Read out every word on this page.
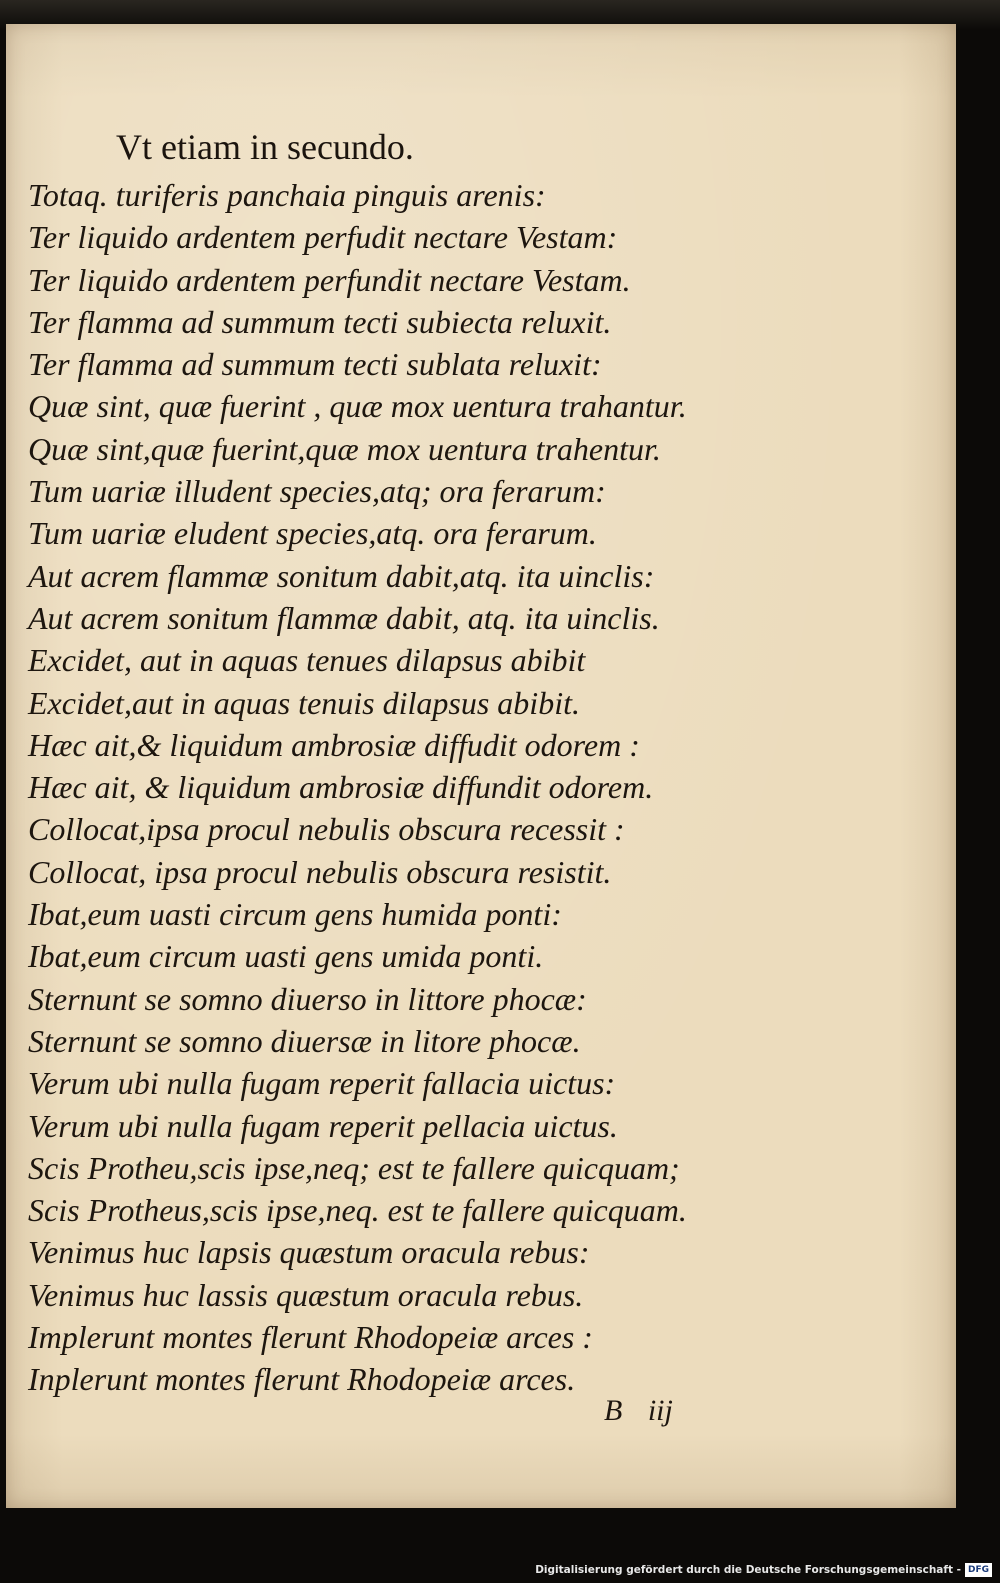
Vt etiam in secundo.
Totaq. turiferis panchaia pinguis arenis:
Ter liquido ardentem perfudit nectare Vestam:
Ter liquido ardentem perfundit nectare Vestam.
Ter flamma ad summum tecti subiecta reluxit.
Ter flamma ad summum tecti sublata reluxit:
Quæ sint, quæ fuerint , quæ mox uentura trahantur.
Quæ sint,quæ fuerint,quæ mox uentura trahentur.
Tum uariæ illudent species,atq; ora ferarum:
Tum uariæ eludent species,atq. ora ferarum.
Aut acrem flammæ sonitum dabit,atq. ita uinclis:
Aut acrem sonitum flammæ dabit, atq. ita uinclis.
Excidet, aut in aquas tenues dilapsus abibit
Excidet,aut in aquas tenuis dilapsus abibit.
Hæc ait,& liquidum ambrosiæ diffudit odorem :
Hæc ait, & liquidum ambrosiæ diffundit odorem.
Collocat,ipsa procul nebulis obscura recessit :
Collocat, ipsa procul nebulis obscura resistit.
Ibat,eum uasti circum gens humida ponti:
Ibat,eum circum uasti gens umida ponti.
Sternunt se somno diuerso in littore phocæ:
Sternunt se somno diuersæ in litore phocæ.
Verum ubi nulla fugam reperit fallacia uictus:
Verum ubi nulla fugam reperit pellacia uictus.
Scis Protheu,scis ipse,neq; est te fallere quicquam;
Scis Protheus,scis ipse,neq. est te fallere quicquam.
Venimus huc lapsis quæstum oracula rebus:
Venimus huc lassis quæstum oracula rebus.
Implerunt montes flerunt Rhodopeiæ arces :
Inplerunt montes flerunt Rhodopeiæ arces.
B iij
Digitalisierung gefördert durch die Deutsche Forschungsgemeinschaft - DFG
